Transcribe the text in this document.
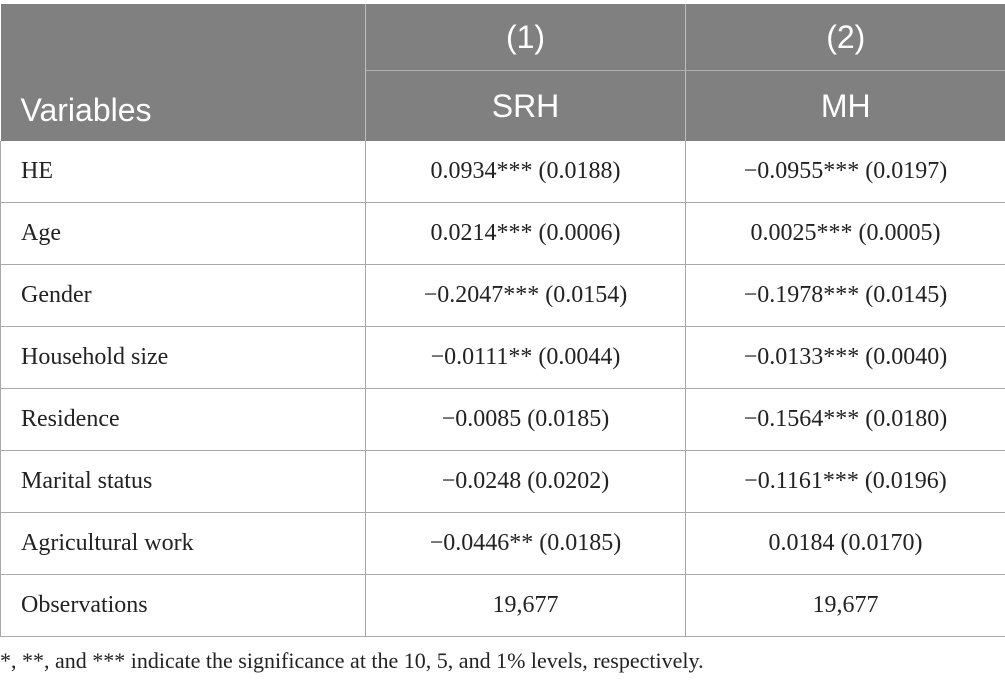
Variables	(1)	(2)
	SRH	MH
HE	0.0934*** (0.0188)	−0.0955*** (0.0197)
Age	0.0214*** (0.0006)	0.0025*** (0.0005)
Gender	−0.2047*** (0.0154)	−0.1978*** (0.0145)
Household size	−0.0111** (0.0044)	−0.0133*** (0.0040)
Residence	−0.0085 (0.0185)	−0.1564*** (0.0180)
Marital status	−0.0248 (0.0202)	−0.1161*** (0.0196)
Agricultural work	−0.0446** (0.0185)	0.0184 (0.0170)
Observations	19,677	19,677
*, **, and *** indicate the significance at the 10, 5, and 1% levels, respectively.
